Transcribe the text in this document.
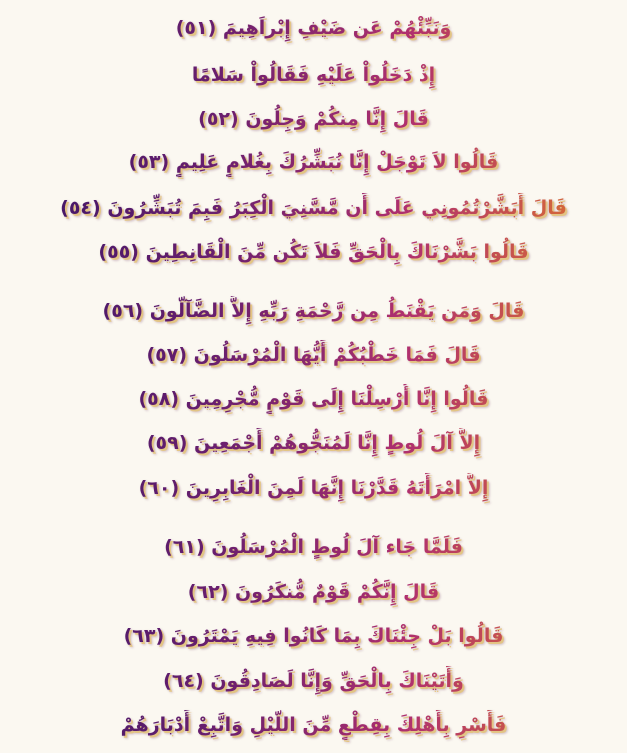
وَنَبِّئْهُمْ عَن ضَيْفِ إِبْراَهِيمَ (٥١)
إِذْ دَخَلُواْ عَلَيْهِ فَقَالُواْ سَلامًا
قَالَ إِنَّا مِنكُمْ وَجِلُونَ (٥٢)
قَالُوا لاَ تَوْجَلْ إِنَّا نُبَشِّرُكَ بِغُلامٍ عَلِيمٍ (٥٣)
قَالَ أَبَشَّرْتُمُونِي عَلَى أَن مَّسَّنِيَ الْكِبَرُ فَبِمَ تُبَشِّرُونَ (٥٤)
قَالُوا بَشَّرْنَاكَ بِالْحَقِّ فَلاَ تَكُن مِّنَ الْقَانِطِينَ (٥٥)
قَالَ وَمَن يَقْنَطُ مِن رَّحْمَةِ رَبِّهِ إِلاَّ الضَّآلُّونَ (٥٦)
قَالَ فَمَا خَطْبُكُمْ أَيُّهَا الْمُرْسَلُونَ (٥٧)
قَالُوا إِنَّا أُرْسِلْنَا إِلَى قَوْمٍ مُّجْرِمِينَ (٥٨)
إِلاَّ آلَ لُوطٍ إِنَّا لَمُنَجُّوهُمْ أَجْمَعِينَ (٥٩)
إِلاَّ امْرَأَتَهُ قَدَّرْنَا إِنَّهَا لَمِنَ الْغَابِرِينَ (٦٠)
فَلَمَّا جَاء آلَ لُوطٍ الْمُرْسَلُونَ (٦١)
قَالَ إِنَّكُمْ قَوْمٌ مُّنكَرُونَ (٦٢)
قَالُوا بَلْ جِئْنَاكَ بِمَا كَانُوا فِيهِ يَمْتَرُونَ (٦٣)
وَأَتَيْنَاكَ بِالْحَقِّ وَإِنَّا لَصَادِقُونَ (٦٤)
فَأَسْرِ بِأَهْلِكَ بِقِطْعٍ مِّنَ اللَّيْلِ وَاتَّبِعْ أَدْبَارَهُمْ
